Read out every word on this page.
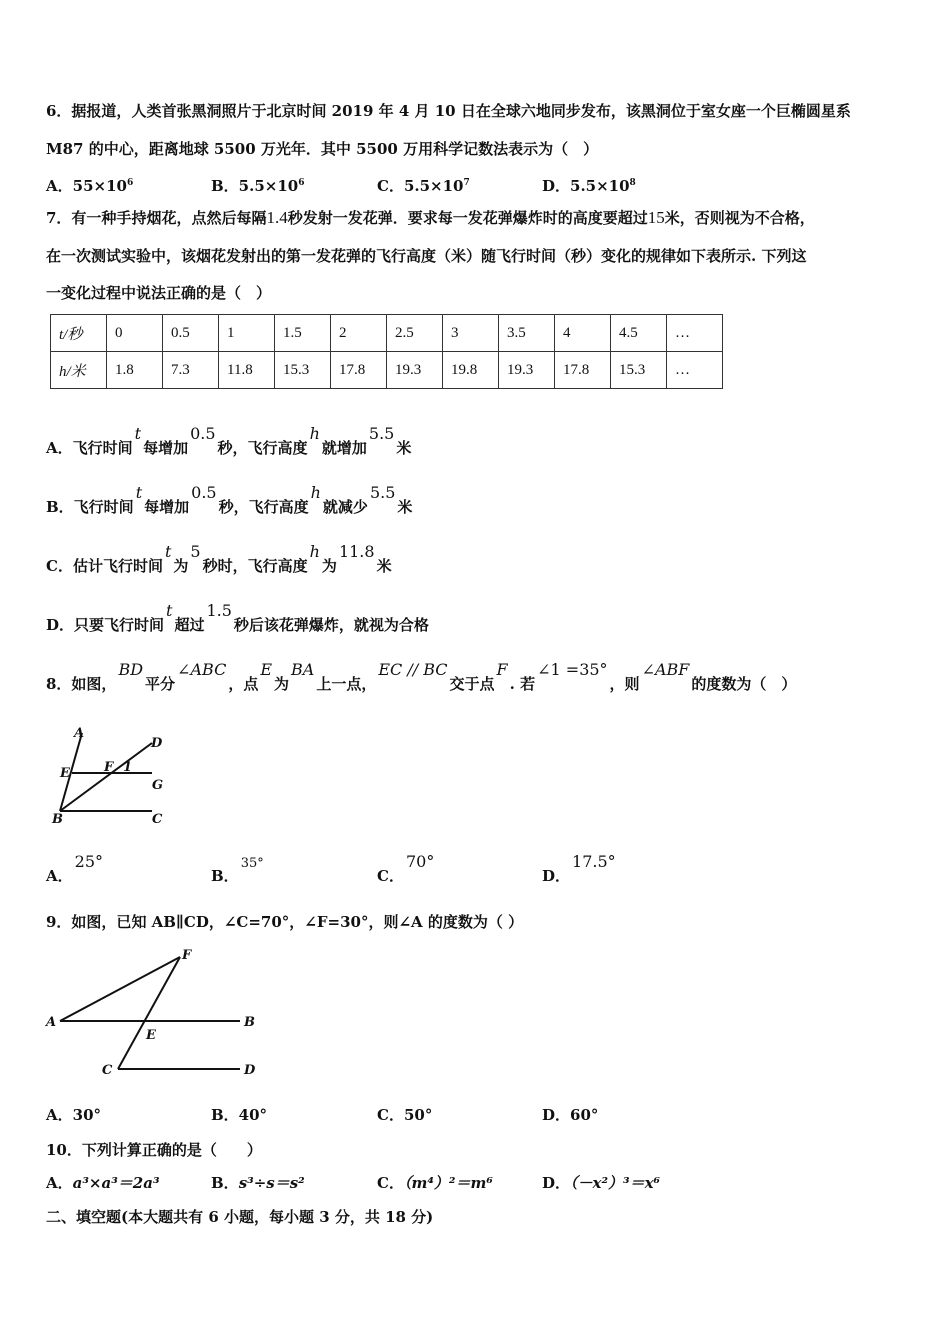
6．据报道，人类首张黑洞照片于北京时间 2019 年 4 月 10 日在全球六地同步发布，该黑洞位于室女座一个巨椭圆星系
M87 的中心，距离地球 5500 万光年．其中 5500 万用科学记数法表示为（　）
A．$55\times 10^6$	B．$5.5\times 10^6$	C．$5.5\times 10^7$	D．$5.5\times 10^8$
7．有一种手持烟花，点然后每隔1.4秒发射一发花弹．要求每一发花弹爆炸时的高度要超过15米，否则视为不合格，
在一次测试实验中，该烟花发射出的第一发花弹的飞行高度（米）随飞行时间（秒）变化的规律如下表所示. 下列这
一变化过程中说法正确的是（　）
t/秒	0	0.5	1	1.5	2	2.5	3	3.5	4	4.5	…
h/米	1.8	7.3	11.8	15.3	17.8	19.3	19.8	19.3	17.8	15.3	…
A．飞行时间t每增加0.5秒，飞行高度h就增加5.5米
B．飞行时间t每增加0.5秒，飞行高度h就减少5.5米
C．估计飞行时间t为5秒时，飞行高度h为11.8米
D．只要飞行时间t超过1.5秒后该花弹爆炸，就视为合格
8．如图，BD平分∠ABC，点E为BA上一点，EC // BC交于点F. 若∠1 =35°，则∠ABF的度数为（　）
A
D
E	F 1
G
B	C
A．25°
B．35°
C．70°
D．17.5°
9．如图，已知 AB∥CD，∠C=70°，∠F=30°，则∠A 的度数为（ ）
F
A	B
E
C	D
A．30°	B．40°	C．50°	D．60°
10．下列计算正确的是（　　）
A．a³×a³＝2a³	B．s³÷s＝s²	C．（m⁴）²＝m⁶	D．（－x²）³＝x⁶
二、填空题(本大题共有 6 小题，每小题 3 分，共 18 分)
